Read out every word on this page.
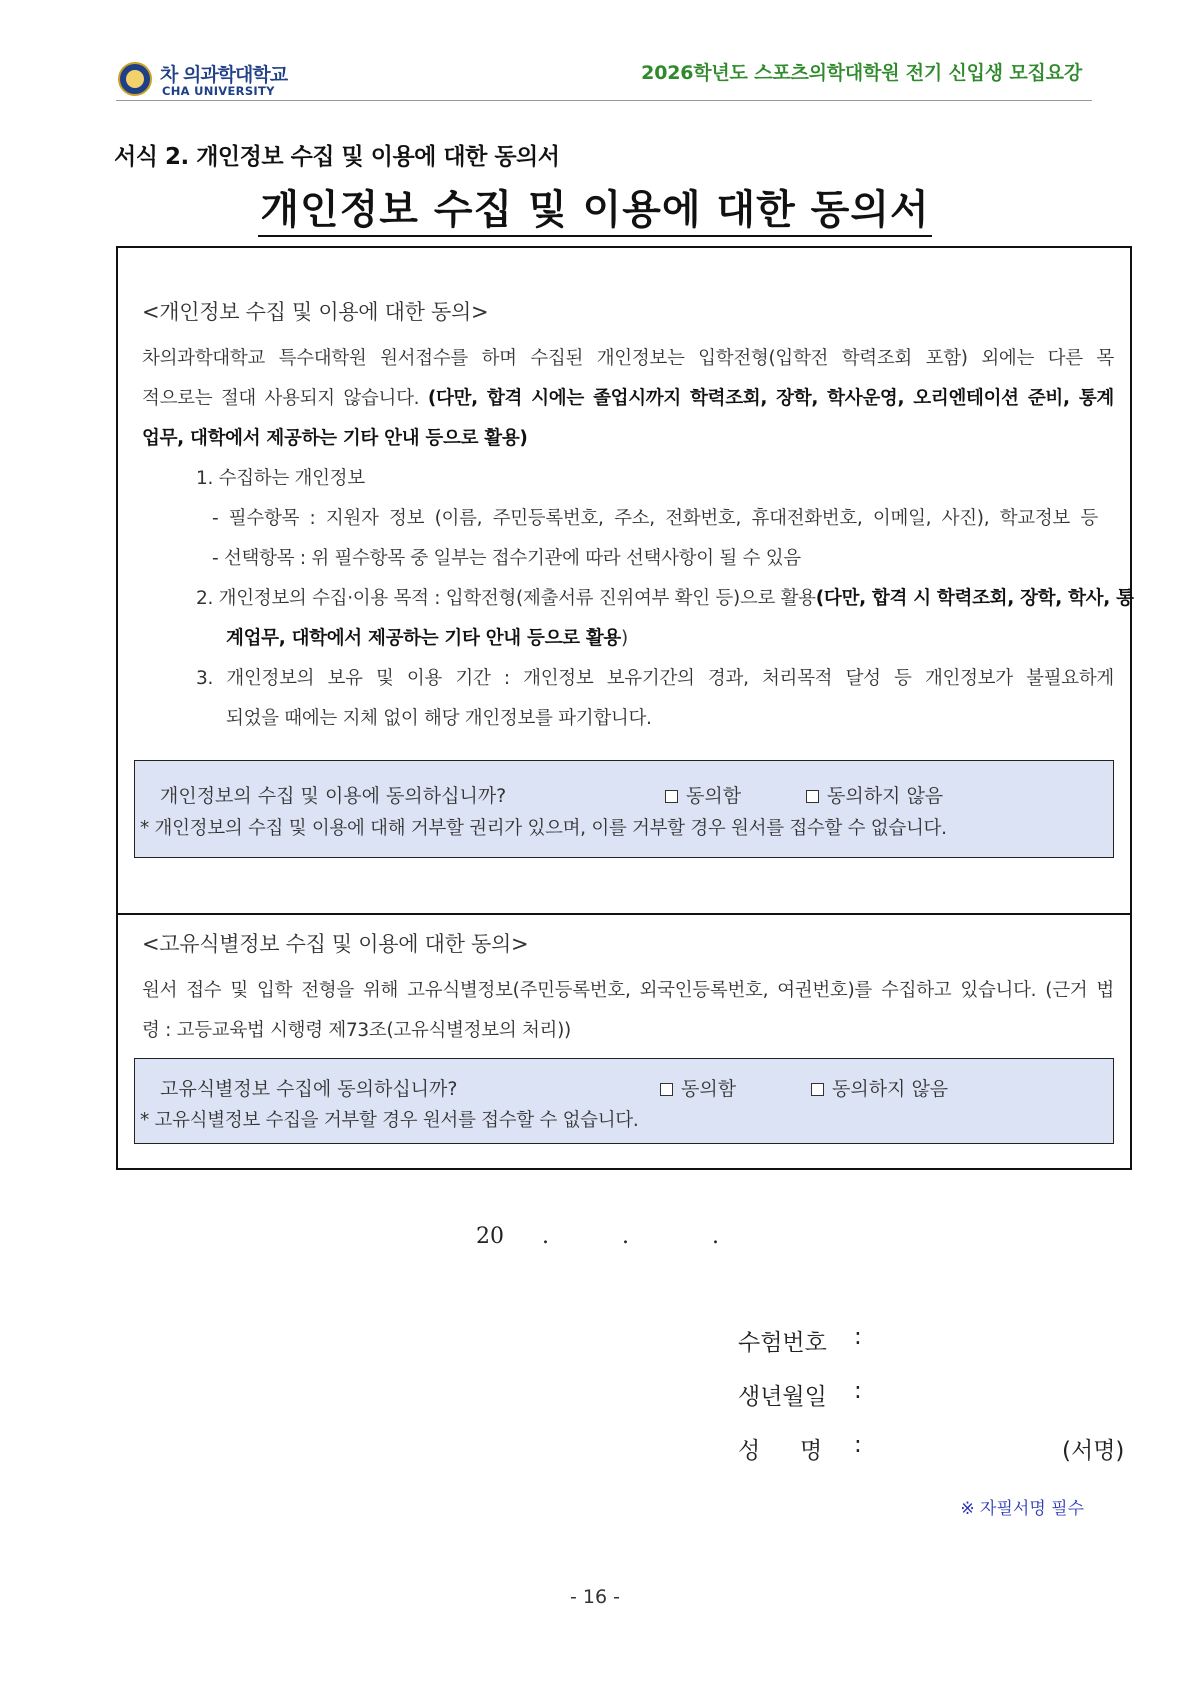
차 의과학대학교
CHA UNIVERSITY
2026학년도 스포츠의학대학원 전기 신입생 모집요강
서식 2. 개인정보 수집 및 이용에 대한 동의서
개인정보 수집 및 이용에 대한 동의서
<개인정보 수집 및 이용에 대한 동의>
차의과학대학교 특수대학원 원서접수를 하며 수집된 개인정보는 입학전형(입학전 학력조회 포함) 외에는 다른 목
적으로는 절대 사용되지 않습니다. (다만, 합격 시에는 졸업시까지 학력조회, 장학, 학사운영, 오리엔테이션 준비, 통계
업무, 대학에서 제공하는 기타 안내 등으로 활용)
1. 수집하는 개인정보
- 필수항목 : 지원자 정보 (이름, 주민등록번호, 주소, 전화번호, 휴대전화번호, 이메일, 사진), 학교정보 등
- 선택항목 : 위 필수항목 중 일부는 접수기관에 따라 선택사항이 될 수 있음
2. 개인정보의 수집·이용 목적 : 입학전형(제출서류 진위여부 확인 등)으로 활용(다만, 합격 시 학력조회, 장학, 학사, 통
계업무, 대학에서 제공하는 기타 안내 등으로 활용)
3. 개인정보의 보유 및 이용 기간 : 개인정보 보유기간의 경과, 처리목적 달성 등 개인정보가 불필요하게
되었을 때에는 지체 없이 해당 개인정보를 파기합니다.
개인정보의 수집 및 이용에 동의하십니까?	동의함	동의하지 않음
* 개인정보의 수집 및 이용에 대해 거부할 권리가 있으며, 이를 거부할 경우 원서를 접수할 수 없습니다.
<고유식별정보 수집 및 이용에 대한 동의>
원서 접수 및 입학 전형을 위해 고유식별정보(주민등록번호, 외국인등록번호, 여권번호)를 수집하고 있습니다. (근거 법
령 : 고등교육법 시행령 제73조(고유식별정보의 처리))
고유식별정보 수집에 동의하십니까?	동의함	동의하지 않음
* 고유식별정보 수집을 거부할 경우 원서를 접수할 수 없습니다.
20 .	.	.
수험번호 :
생년월일 :
성 명 :	(서명)
※ 자필서명 필수
- 16 -
